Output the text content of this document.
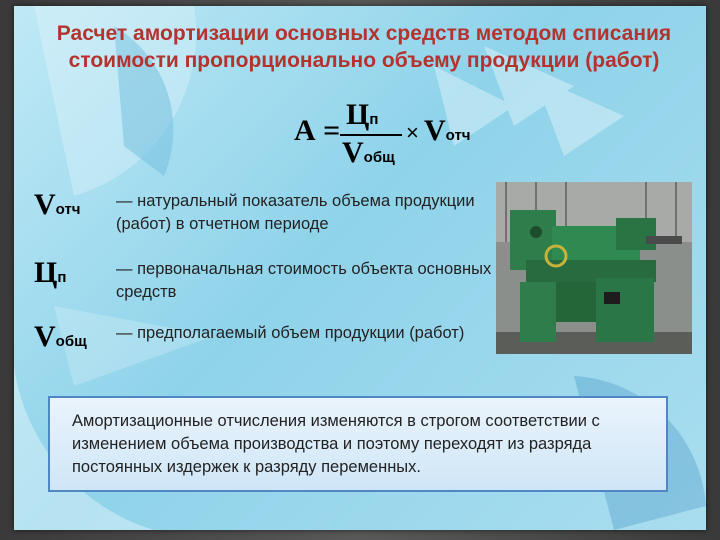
Расчет амортизации основных средств методом списания стоимости пропорционально объему продукции (работ)
А = Цп
Vобщ
× Vотч
Vотч — натуральный показатель объема продукции (работ) в отчетном периоде
Цп	— первоначальная стоимость объекта основных средств
Vобщ — предполагаемый объем продукции (работ)
Амортизационные отчисления изменяются в строгом соответствии с изменением объема производства и поэтому переходят из разряда постоянных издержек к разряду переменных.
